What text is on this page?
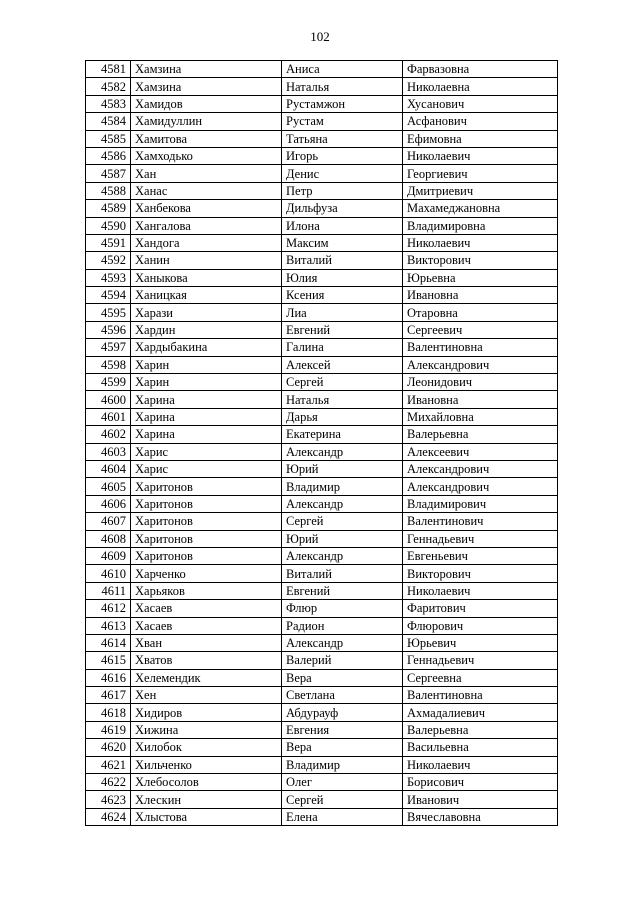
102
4581	Хамзина	Аниса	Фарвазовна
4582	Хамзина	Наталья	Николаевна
4583	Хамидов	Рустамжон	Хусанович
4584	Хамидуллин	Рустам	Асфанович
4585	Хамитова	Татьяна	Ефимовна
4586	Хамходько	Игорь	Николаевич
4587	Хан	Денис	Георгиевич
4588	Ханас	Петр	Дмитриевич
4589	Ханбекова	Дильфуза	Махамеджановна
4590	Хангалова	Илона	Владимировна
4591	Хандога	Максим	Николаевич
4592	Ханин	Виталий	Викторович
4593	Ханыкова	Юлия	Юрьевна
4594	Ханицкая	Ксения	Ивановна
4595	Харази	Лиа	Отаровна
4596	Хардин	Евгений	Сергеевич
4597	Хардыбакина	Галина	Валентиновна
4598	Харин	Алексей	Александрович
4599	Харин	Сергей	Леонидович
4600	Харина	Наталья	Ивановна
4601	Харина	Дарья	Михайловна
4602	Харина	Екатерина	Валерьевна
4603	Харис	Александр	Алексеевич
4604	Харис	Юрий	Александрович
4605	Харитонов	Владимир	Александрович
4606	Харитонов	Александр	Владимирович
4607	Харитонов	Сергей	Валентинович
4608	Харитонов	Юрий	Геннадьевич
4609	Харитонов	Александр	Евгеньевич
4610	Харченко	Виталий	Викторович
4611	Харьяков	Евгений	Николаевич
4612	Хасаев	Флюр	Фаритович
4613	Хасаев	Радион	Флюрович
4614	Хван	Александр	Юрьевич
4615	Хватов	Валерий	Геннадьевич
4616	Хелемендик	Вера	Сергеевна
4617	Хен	Светлана	Валентиновна
4618	Хидиров	Абдурауф	Ахмадалиевич
4619	Хижина	Евгения	Валерьевна
4620	Хилобок	Вера	Васильевна
4621	Хильченко	Владимир	Николаевич
4622	Хлебосолов	Олег	Борисович
4623	Хлескин	Сергей	Иванович
4624	Хлыстова	Елена	Вячеславовна
